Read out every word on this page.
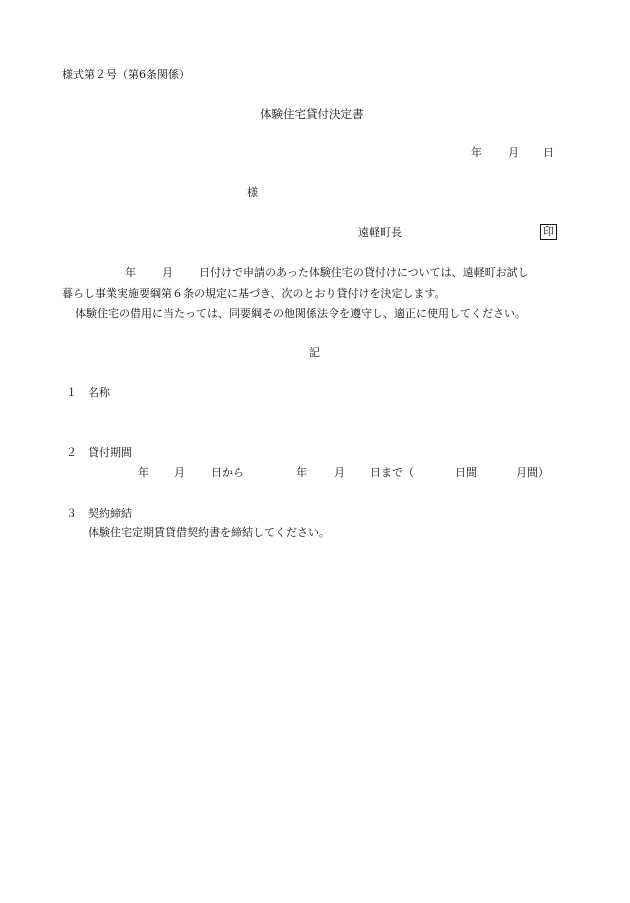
様式第２号（第6条関係）
体験住宅貸付決定書
年 月 日
様
遠軽町長	印
年 月 日付けで申請のあった体験住宅の貸付けについては、遠軽町お試し
暮らし事業実施要綱第６条の規定に基づき、次のとおり貸付けを決定します。
体験住宅の借用に当たっては、同要綱その他関係法令を遵守し、適正に使用してください。
記
１ 名称
２ 貸付期間
年 月 日から	年 月 日まで（	日間	月間）
３ 契約締結
体験住宅定期賃貸借契約書を締結してください。
